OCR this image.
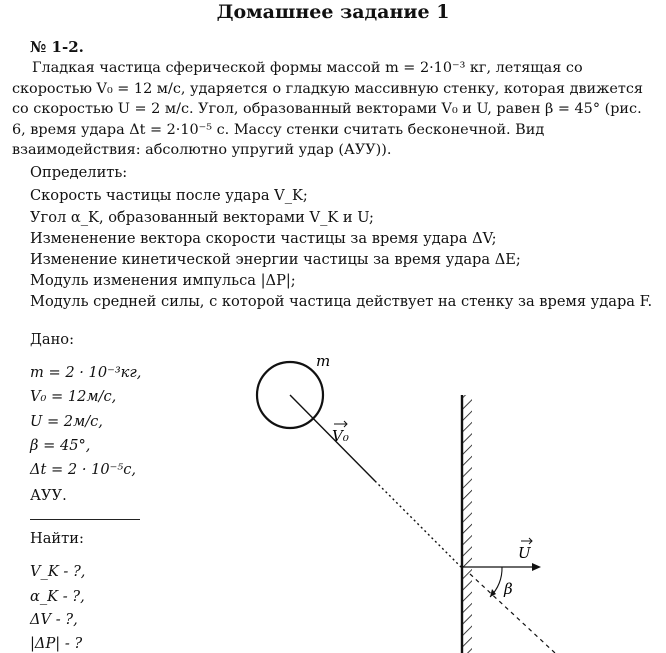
Домашнее задание 1
№ 1-2.

Гладкая частица сферической формы массой m = 2·10⁻³ кг, летящая со скоростью V₀ = 12 м/с, ударяется о гладкую массивную стенку, которая движется со скоростью U = 2 м/с. Угол, образованный векторами V₀ и U, равен β = 45° (рис. 6, время удара Δt = 2·10⁻⁵ с. Массу стенки считать бесконечной. Вид взаимодействия: абсолютно упругий удар (АУУ)).

Определить:
Скорость частицы после удара V_K;
Угол α_K, образованный векторами V_K и U;
Измененение вектора скорости частицы за время удара ΔV;
Изменение кинетической энергии частицы за время удара ΔE;
Модуль изменения импульса |ΔP|;
Модуль средней силы, с которой частица действует на стенку за время удара F.
Дано:
m = 2 · 10⁻³кг,
V₀ = 12м/с,
U = 2м/с,
β = 45°,
Δt = 2 · 10⁻⁵с,
АУУ.
Найти:
V_K - ?,
α_K - ?,
ΔV - ?,
|ΔP| - ?
m
V₀
U
β
